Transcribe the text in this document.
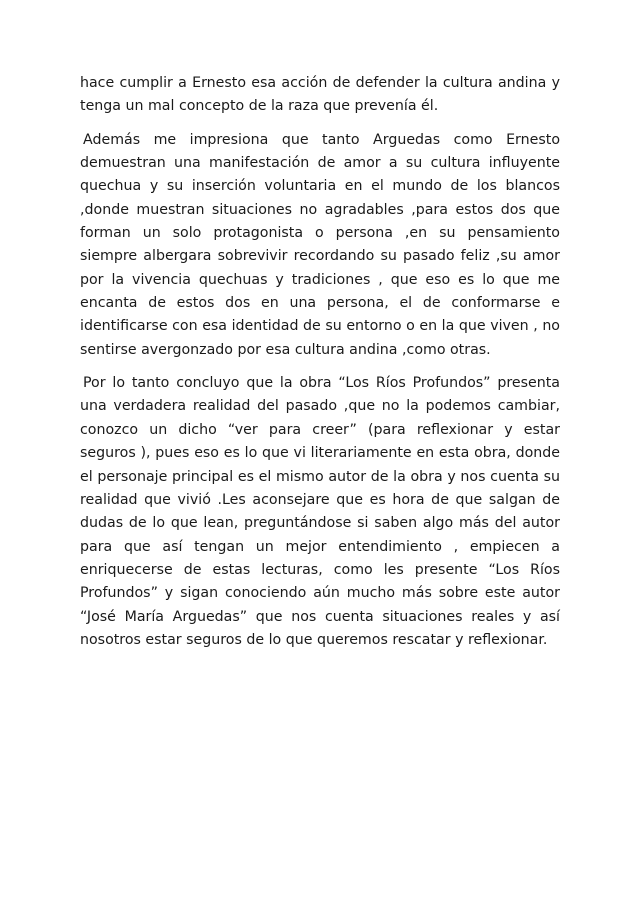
hace cumplir a Ernesto esa acción de defender la cultura andina y tenga un mal concepto de la raza que prevenía él.

Además me impresiona que tanto Arguedas como Ernesto demuestran una manifestación de amor a su cultura influyente quechua y su inserción voluntaria en el mundo de los blancos ,donde muestran situaciones no agradables ,para estos dos que forman un solo protagonista o persona ,en su pensamiento siempre albergara sobrevivir recordando su pasado feliz ,su amor por la vivencia quechuas y tradiciones , que eso es lo que me encanta de estos dos en una persona, el de conformarse e identificarse con esa identidad de su entorno o en la que viven , no sentirse avergonzado por esa cultura andina ,como otras.

Por lo tanto concluyo que la obra “Los Ríos Profundos” presenta una verdadera realidad del pasado ,que no la podemos cambiar, conozco un dicho “ver para creer” (para reflexionar y estar seguros ), pues eso es lo que vi literariamente en esta obra, donde el personaje principal es el mismo autor de la obra y nos cuenta su realidad que vivió .Les aconsejare que es hora de que salgan de dudas de lo que lean, preguntándose si saben algo más del autor para que así tengan un mejor entendimiento , empiecen a enriquecerse de estas lecturas, como les presente “Los Ríos Profundos” y sigan conociendo aún mucho más sobre este autor “José María Arguedas” que nos cuenta situaciones reales y así nosotros estar seguros de lo que queremos rescatar y reflexionar.
